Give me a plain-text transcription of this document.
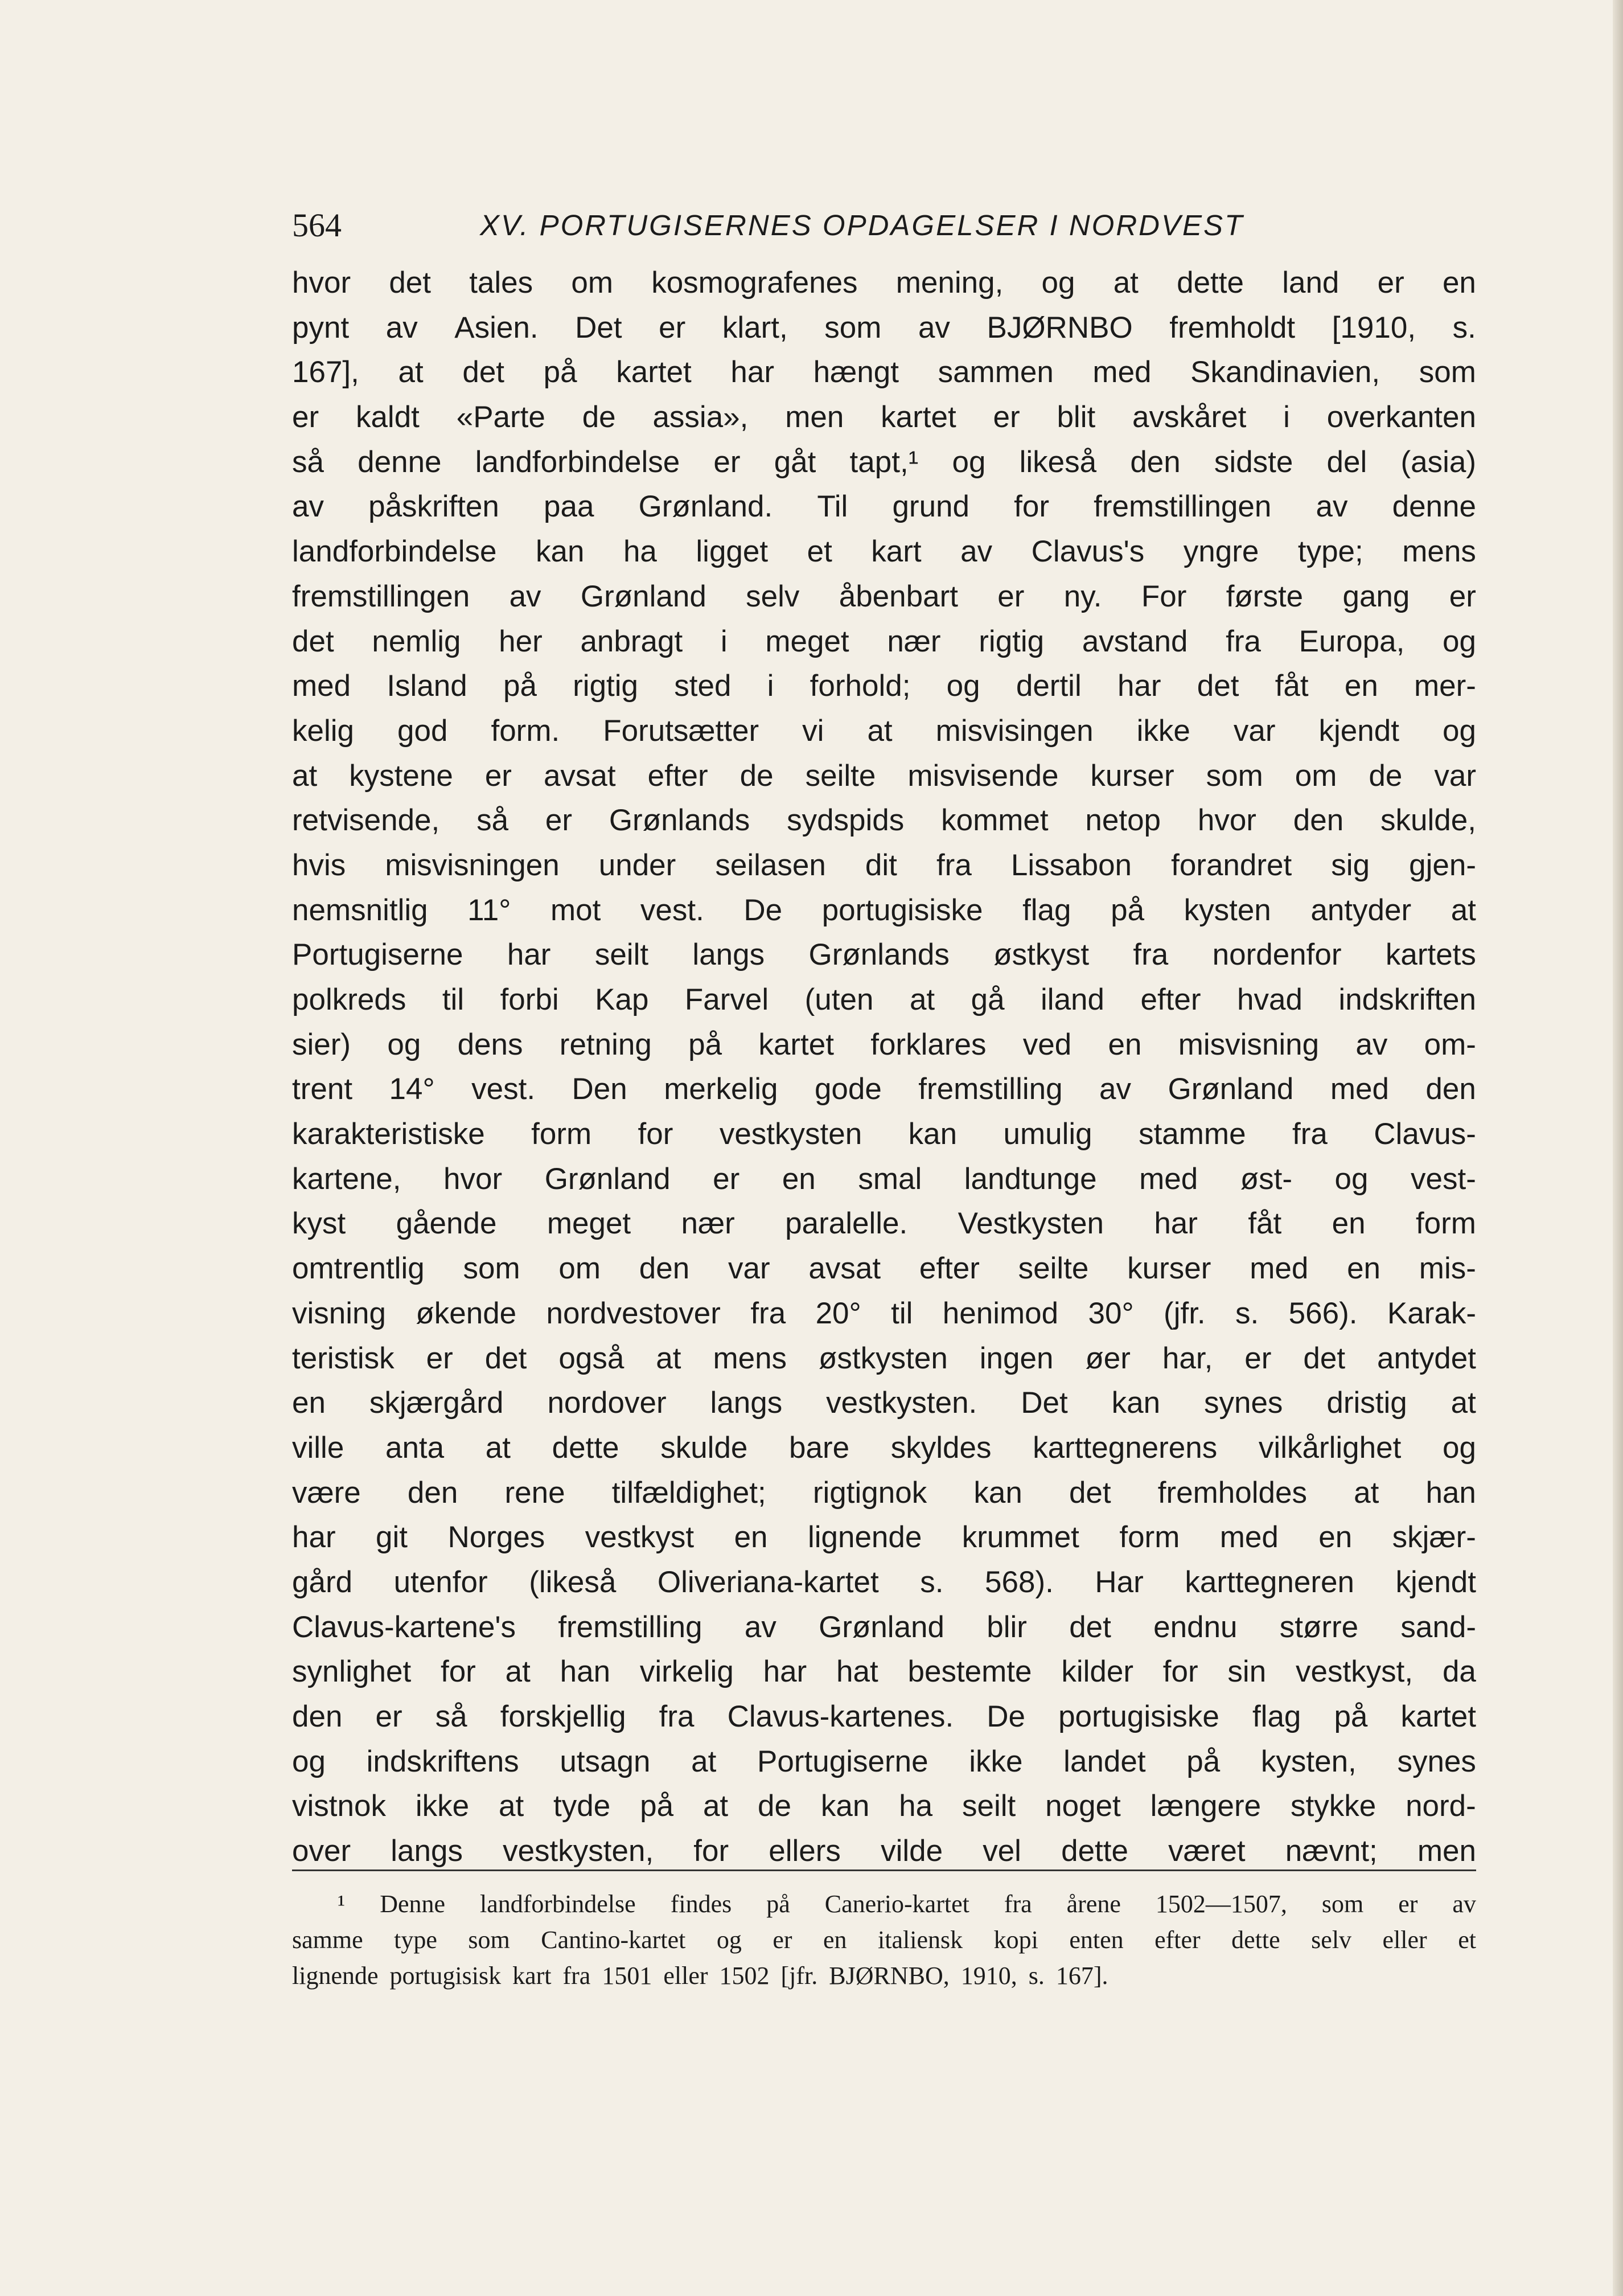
564	XV. PORTUGISERNES OPDAGELSER I NORDVEST
hvor det tales om kosmografenes mening, og at dette land er en
pynt av Asien. Det er klart, som av BJØRNBO fremholdt [1910, s.
167], at det på kartet har hængt sammen med Skandinavien, som
er kaldt «Parte de assia», men kartet er blit avskåret i overkanten
så denne landforbindelse er gåt tapt,¹ og likeså den sidste del (asia)
av påskriften paa Grønland. Til grund for fremstillingen av denne
landforbindelse kan ha ligget et kart av Clavus's yngre type; mens
fremstillingen av Grønland selv åbenbart er ny. For første gang er
det nemlig her anbragt i meget nær rigtig avstand fra Europa, og
med Island på rigtig sted i forhold; og dertil har det fåt en mer-
kelig god form. Forutsætter vi at misvisingen ikke var kjendt og
at kystene er avsat efter de seilte misvisende kurser som om de var
retvisende, så er Grønlands sydspids kommet netop hvor den skulde,
hvis misvisningen under seilasen dit fra Lissabon forandret sig gjen-
nemsnitlig 11° mot vest. De portugisiske flag på kysten antyder at
Portugiserne har seilt langs Grønlands østkyst fra nordenfor kartets
polkreds til forbi Kap Farvel (uten at gå iland efter hvad indskriften
sier) og dens retning på kartet forklares ved en misvisning av om-
trent 14° vest. Den merkelig gode fremstilling av Grønland med den
karakteristiske form for vestkysten kan umulig stamme fra Clavus-
kartene, hvor Grønland er en smal landtunge med øst- og vest-
kyst gående meget nær paralelle. Vestkysten har fåt en form
omtrentlig som om den var avsat efter seilte kurser med en mis-
visning økende nordvestover fra 20° til henimod 30° (jfr. s. 566). Karak-
teristisk er det også at mens østkysten ingen øer har, er det antydet
en skjærgård nordover langs vestkysten. Det kan synes dristig at
ville anta at dette skulde bare skyldes karttegnerens vilkårlighet og
være den rene tilfældighet; rigtignok kan det fremholdes at han
har git Norges vestkyst en lignende krummet form med en skjær-
gård utenfor (likeså Oliveriana-kartet s. 568). Har karttegneren kjendt
Clavus-kartene's fremstilling av Grønland blir det endnu større sand-
synlighet for at han virkelig har hat bestemte kilder for sin vestkyst, da
den er så forskjellig fra Clavus-kartenes. De portugisiske flag på kartet
og indskriftens utsagn at Portugiserne ikke landet på kysten, synes
vistnok ikke at tyde på at de kan ha seilt noget længere stykke nord-
over langs vestkysten, for ellers vilde vel dette været nævnt; men
¹ Denne landforbindelse findes på Canerio-kartet fra årene 1502—1507, som er av
samme type som Cantino-kartet og er en italiensk kopi enten efter dette selv eller et
lignende portugisisk kart fra 1501 eller 1502 [jfr. BJØRNBO, 1910, s. 167].
